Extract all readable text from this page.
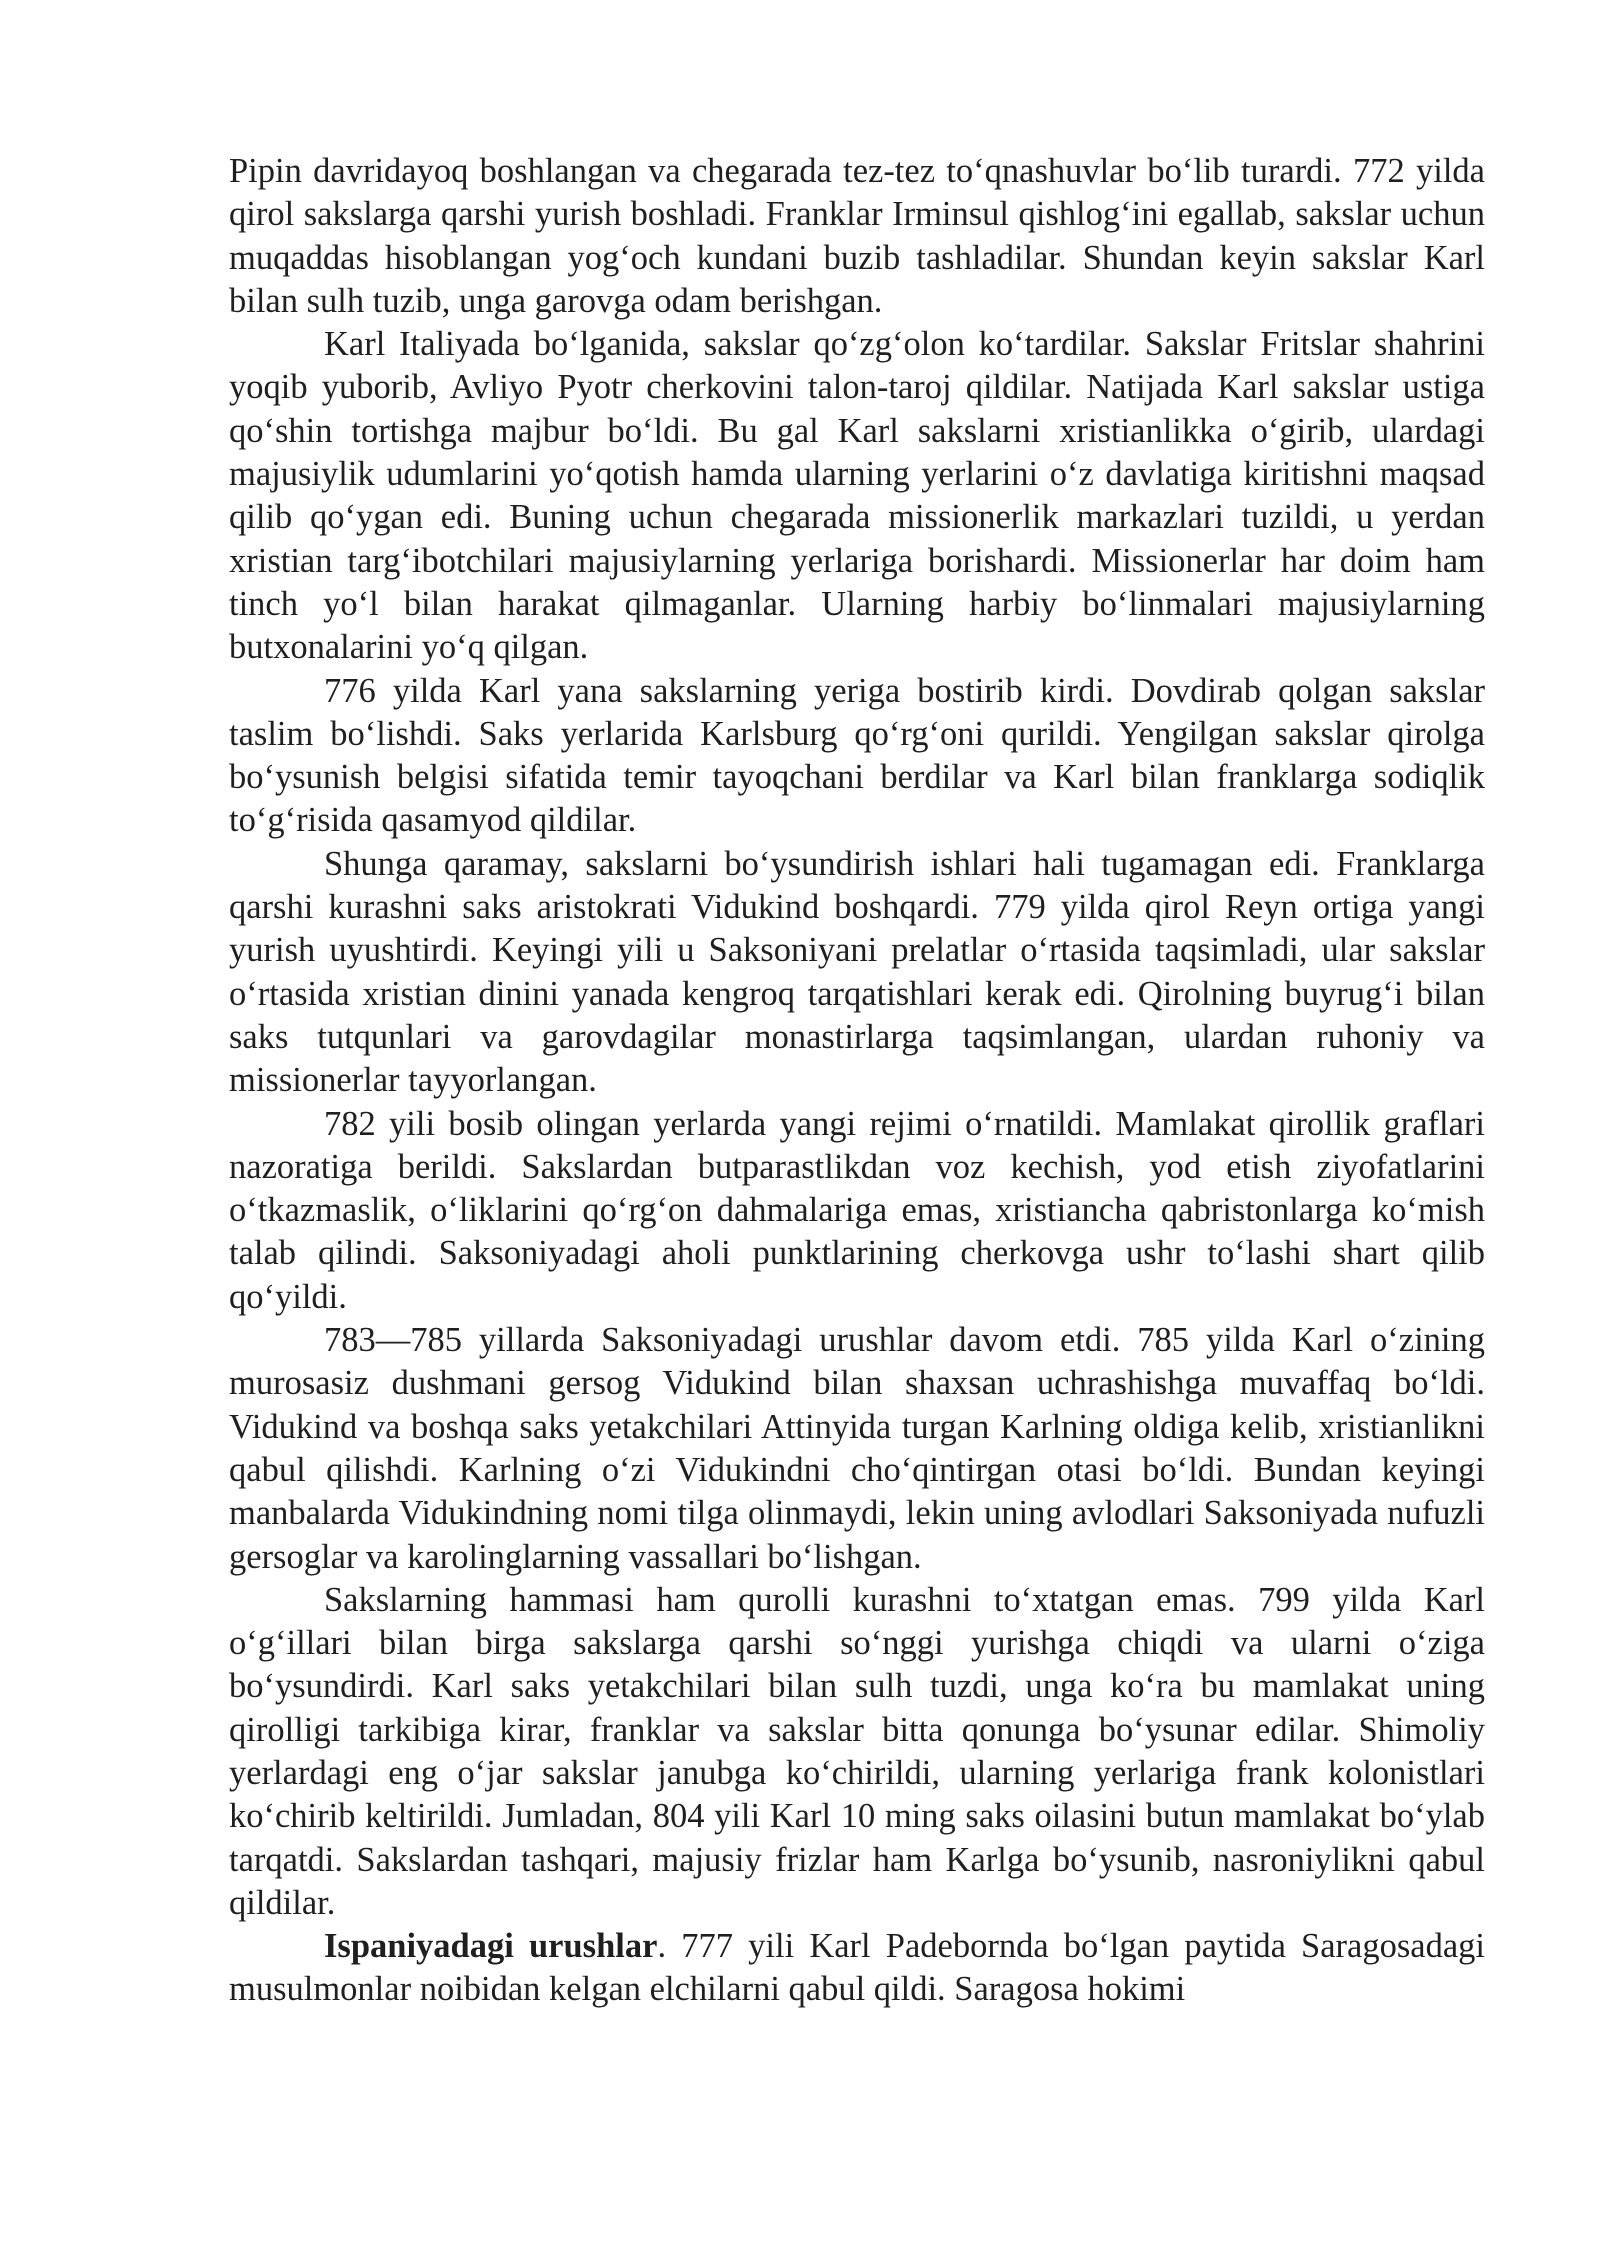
Pipin davridayoq boshlangan va chegarada tez-tez to‘qnashuvlar bo‘lib turardi. 772 yilda qirol sakslarga qarshi yurish boshladi. Franklar Irminsul qishlog‘ini egallab, sakslar uchun muqaddas hisoblangan yog‘och kundani buzib tashladilar. Shundan keyin sakslar Karl bilan sulh tuzib, unga garovga odam berishgan.

Karl Italiyada bo‘lganida, sakslar qo‘zg‘olon ko‘tardilar. Sakslar Fritslar shahrini yoqib yuborib, Avliyo Pyotr cherkovini talon-taroj qildilar. Natijada Karl sakslar ustiga qo‘shin tortishga majbur bo‘ldi. Bu gal Karl sakslarni xristianlikka o‘girib, ulardagi majusiylik udumlarini yo‘qotish hamda ularning yerlarini o‘z davlatiga kiritishni maqsad qilib qo‘ygan edi. Buning uchun chegarada missionerlik markazlari tuzildi, u yerdan xristian targ‘ibotchilari majusiylarning yerlariga borishardi. Missionerlar har doim ham tinch yo‘l bilan harakat qilmaganlar. Ularning harbiy bo‘linmalari majusiylarning butxonalarini yo‘q qilgan.

776 yilda Karl yana sakslarning yeriga bostirib kirdi. Dovdirab qolgan sakslar taslim bo‘lishdi. Saks yerlarida Karlsburg qo‘rg‘oni qurildi. Yengilgan sakslar qirolga bo‘ysunish belgisi sifatida temir tayoqchani berdilar va Karl bilan franklarga sodiqlik to‘g‘risida qasamyod qildilar.

Shunga qaramay, sakslarni bo‘ysundirish ishlari hali tugamagan edi. Franklarga qarshi kurashni saks aristokrati Vidukind boshqardi. 779 yilda qirol Reyn ortiga yangi yurish uyushtirdi. Keyingi yili u Saksoniyani prelatlar o‘rtasida taqsimladi, ular sakslar o‘rtasida xristian dinini yanada kengroq tarqatishlari kerak edi. Qirolning buyrug‘i bilan saks tutqunlari va garovdagilar monastirlarga taqsimlangan, ulardan ruhoniy va missionerlar tayyorlangan.

782 yili bosib olingan yerlarda yangi rejimi o‘rnatildi. Mamlakat qirollik graflari nazoratiga berildi. Sakslardan butparastlikdan voz kechish, yod etish ziyofatlarini o‘tkazmaslik, o‘liklarini qo‘rg‘on dahmalariga emas, xristiancha qabristonlarga ko‘mish talab qilindi. Saksoniyadagi aholi punktlarining cherkovga ushr to‘lashi shart qilib qo‘yildi.

783—785 yillarda Saksoniyadagi urushlar davom etdi. 785 yilda Karl o‘zining murosasiz dushmani gersog Vidukind bilan shaxsan uchrashishga muvaffaq bo‘ldi. Vidukind va boshqa saks yetakchilari Attinyida turgan Karlning oldiga kelib, xristianlikni qabul qilishdi. Karlning o‘zi Vidukindni cho‘qintirgan otasi bo‘ldi. Bundan keyingi manbalarda Vidukindning nomi tilga olinmaydi, lekin uning avlodlari Saksoniyada nufuzli gersoglar va karolinglarning vassallari bo‘lishgan.

Sakslarning hammasi ham qurolli kurashni to‘xtatgan emas. 799 yilda Karl o‘g‘illari bilan birga sakslarga qarshi so‘nggi yurishga chiqdi va ularni o‘ziga bo‘ysundirdi. Karl saks yetakchilari bilan sulh tuzdi, unga ko‘ra bu mamlakat uning qirolligi tarkibiga kirar, franklar va sakslar bitta qonunga bo‘ysunar edilar. Shimoliy yerlardagi eng o‘jar sakslar janubga ko‘chirildi, ularning yerlariga frank kolonistlari ko‘chirib keltirildi. Jumladan, 804 yili Karl 10 ming saks oilasini butun mamlakat bo‘ylab tarqatdi. Sakslardan tashqari, majusiy frizlar ham Karlga bo‘ysunib, nasroniylikni qabul qildilar.

Ispaniyadagi urushlar. 777 yili Karl Padebornda bo‘lgan paytida Saragosadagi musulmonlar noibidan kelgan elchilarni qabul qildi. Saragosa hokimi
